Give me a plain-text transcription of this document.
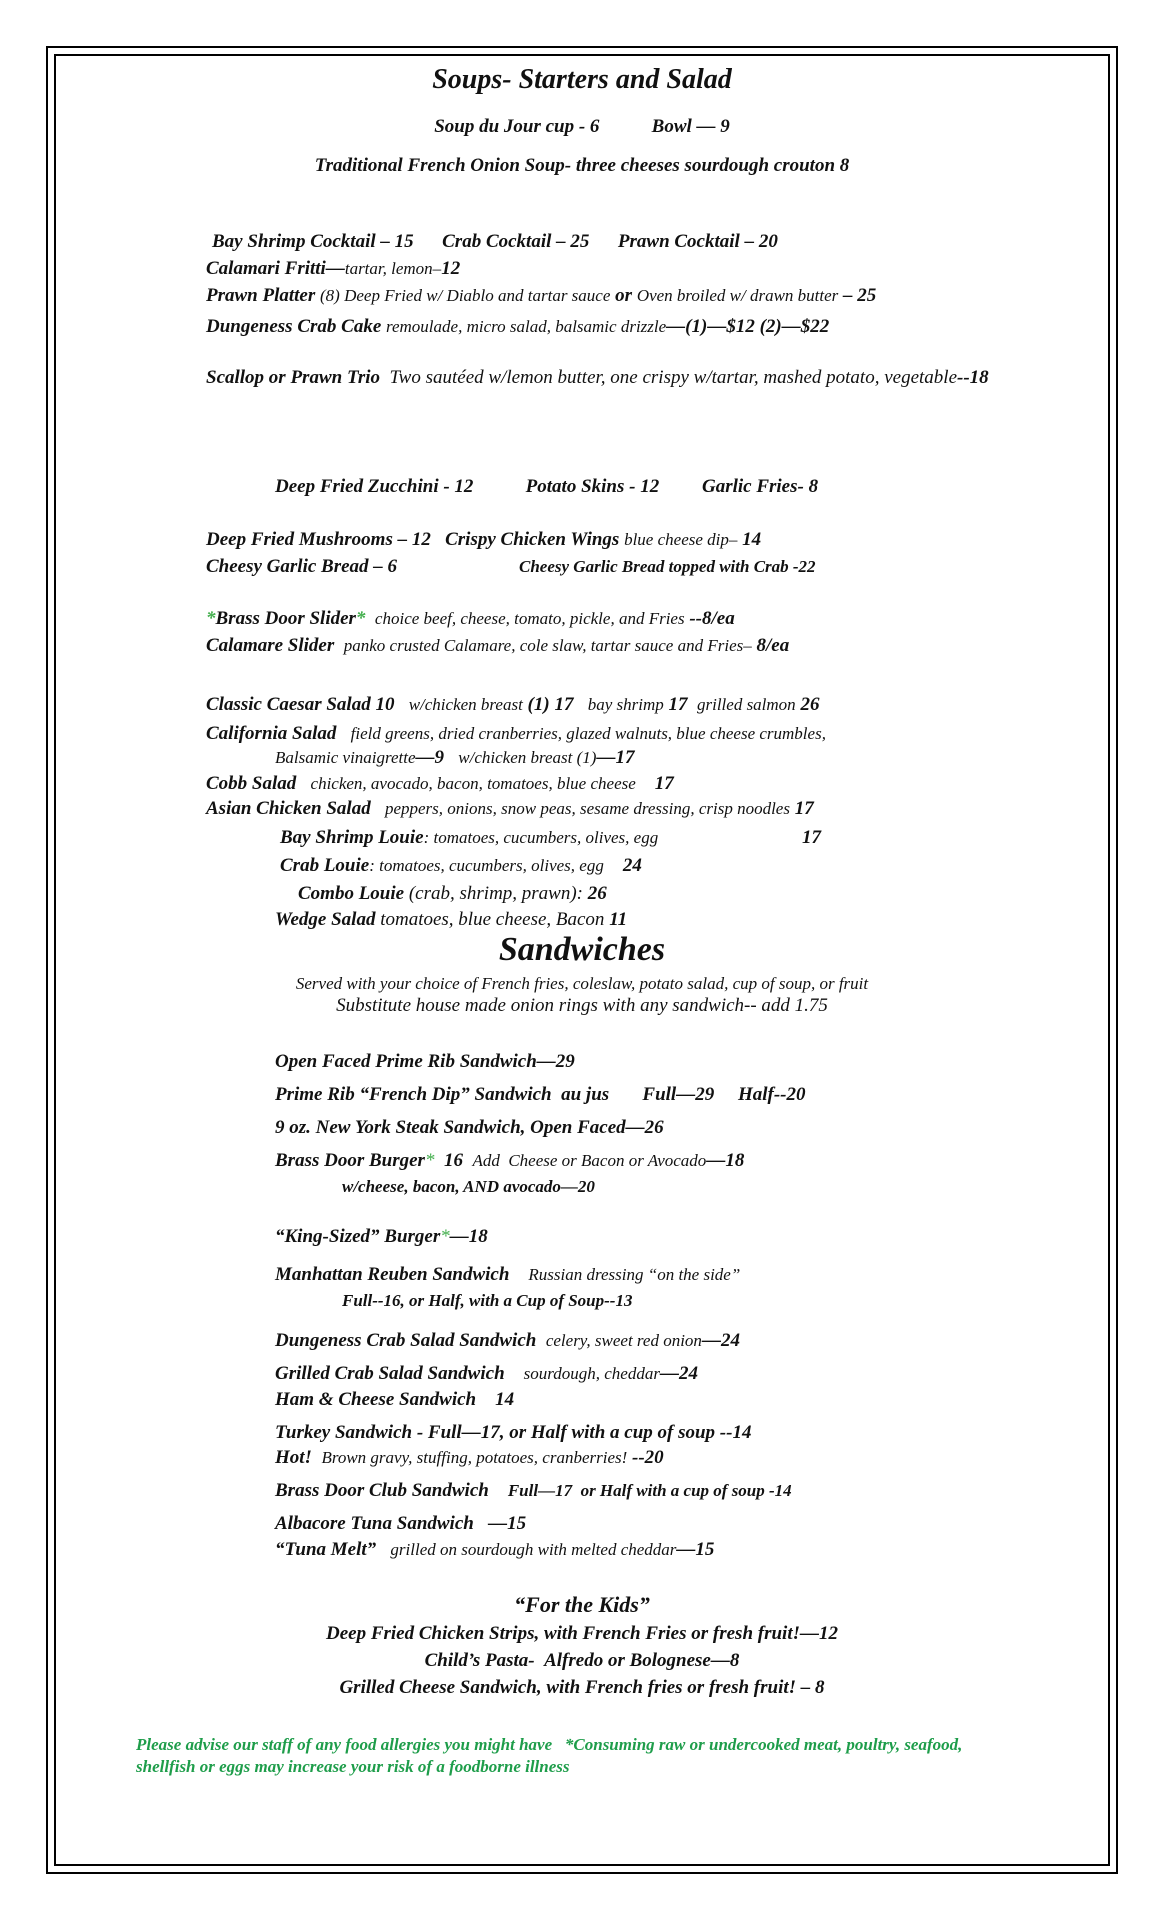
Soups- Starters and Salad
Soup du Jour cup - 6           Bowl — 9
Traditional French Onion Soup- three cheeses sourdough crouton 8
Bay Shrimp Cocktail – 15      Crab Cocktail – 25      Prawn Cocktail – 20
Calamari Fritti—tartar, lemon–12
Prawn Platter (8) Deep Fried w/ Diablo and tartar sauce or Oven broiled w/ drawn butter – 25
Dungeness Crab Cake remoulade, micro salad, balsamic drizzle—(1)—$12 (2)—$22
Scallop or Prawn Trio Two sautéed w/lemon butter, one crispy w/tartar, mashed potato, vegetable--18
Deep Fried Zucchini - 12           Potato Skins - 12         Garlic Fries- 8
Deep Fried Mushrooms – 12 Crispy Chicken Wings blue cheese dip– 14
Cheesy Garlic Bread – 6	Cheesy Garlic Bread topped with Crab -22
*Brass Door Slider* choice beef, cheese, tomato, pickle, and Fries --8/ea
Calamare Slider panko crusted Calamare, cole slaw, tartar sauce and Fries– 8/ea
Classic Caesar Salad 10 w/chicken breast (1) 17 bay shrimp 17 grilled salmon 26
California Salad field greens, dried cranberries, glazed walnuts, blue cheese crumbles,
Balsamic vinaigrette—9 w/chicken breast (1)—17
Cobb Salad chicken, avocado, bacon, tomatoes, blue cheese 17
Asian Chicken Salad peppers, onions, snow peas, sesame dressing, crisp noodles 17
Bay Shrimp Louie: tomatoes, cucumbers, olives, egg	17
Crab Louie: tomatoes, cucumbers, olives, egg 24
Combo Louie (crab, shrimp, prawn): 26
Wedge Salad tomatoes, blue cheese, Bacon 11
Sandwiches
Served with your choice of French fries, coleslaw, potato salad, cup of soup, or fruit
Substitute house made onion rings with any sandwich-- add 1.75
Open Faced Prime Rib Sandwich—29
Prime Rib “French Dip” Sandwich  au jus       Full—29     Half--20
9 oz. New York Steak Sandwich, Open Faced—26
Brass Door Burger* 16 Add  Cheese or Bacon or Avocado—18
w/cheese, bacon, AND avocado—20
“King-Sized” Burger*—18
Manhattan Reuben Sandwich Russian dressing “on the side”
Full--16, or Half, with a Cup of Soup--13
Dungeness Crab Salad Sandwich celery, sweet red onion—24
Grilled Crab Salad Sandwich sourdough, cheddar—24
Ham & Cheese Sandwich 14
Turkey Sandwich - Full—17, or Half with a cup of soup --14
Hot! Brown gravy, stuffing, potatoes, cranberries! --20
Brass Door Club Sandwich Full—17  or Half with a cup of soup -14
Albacore Tuna Sandwich —15
“Tuna Melt” grilled on sourdough with melted cheddar—15
“For the Kids”
Deep Fried Chicken Strips, with French Fries or fresh fruit!—12
Child’s Pasta-  Alfredo or Bolognese—8
Grilled Cheese Sandwich, with French fries or fresh fruit! – 8
Please advise our staff of any food allergies you might have   *Consuming raw or undercooked meat, poultry, seafood,
shellfish or eggs may increase your risk of a foodborne illness
